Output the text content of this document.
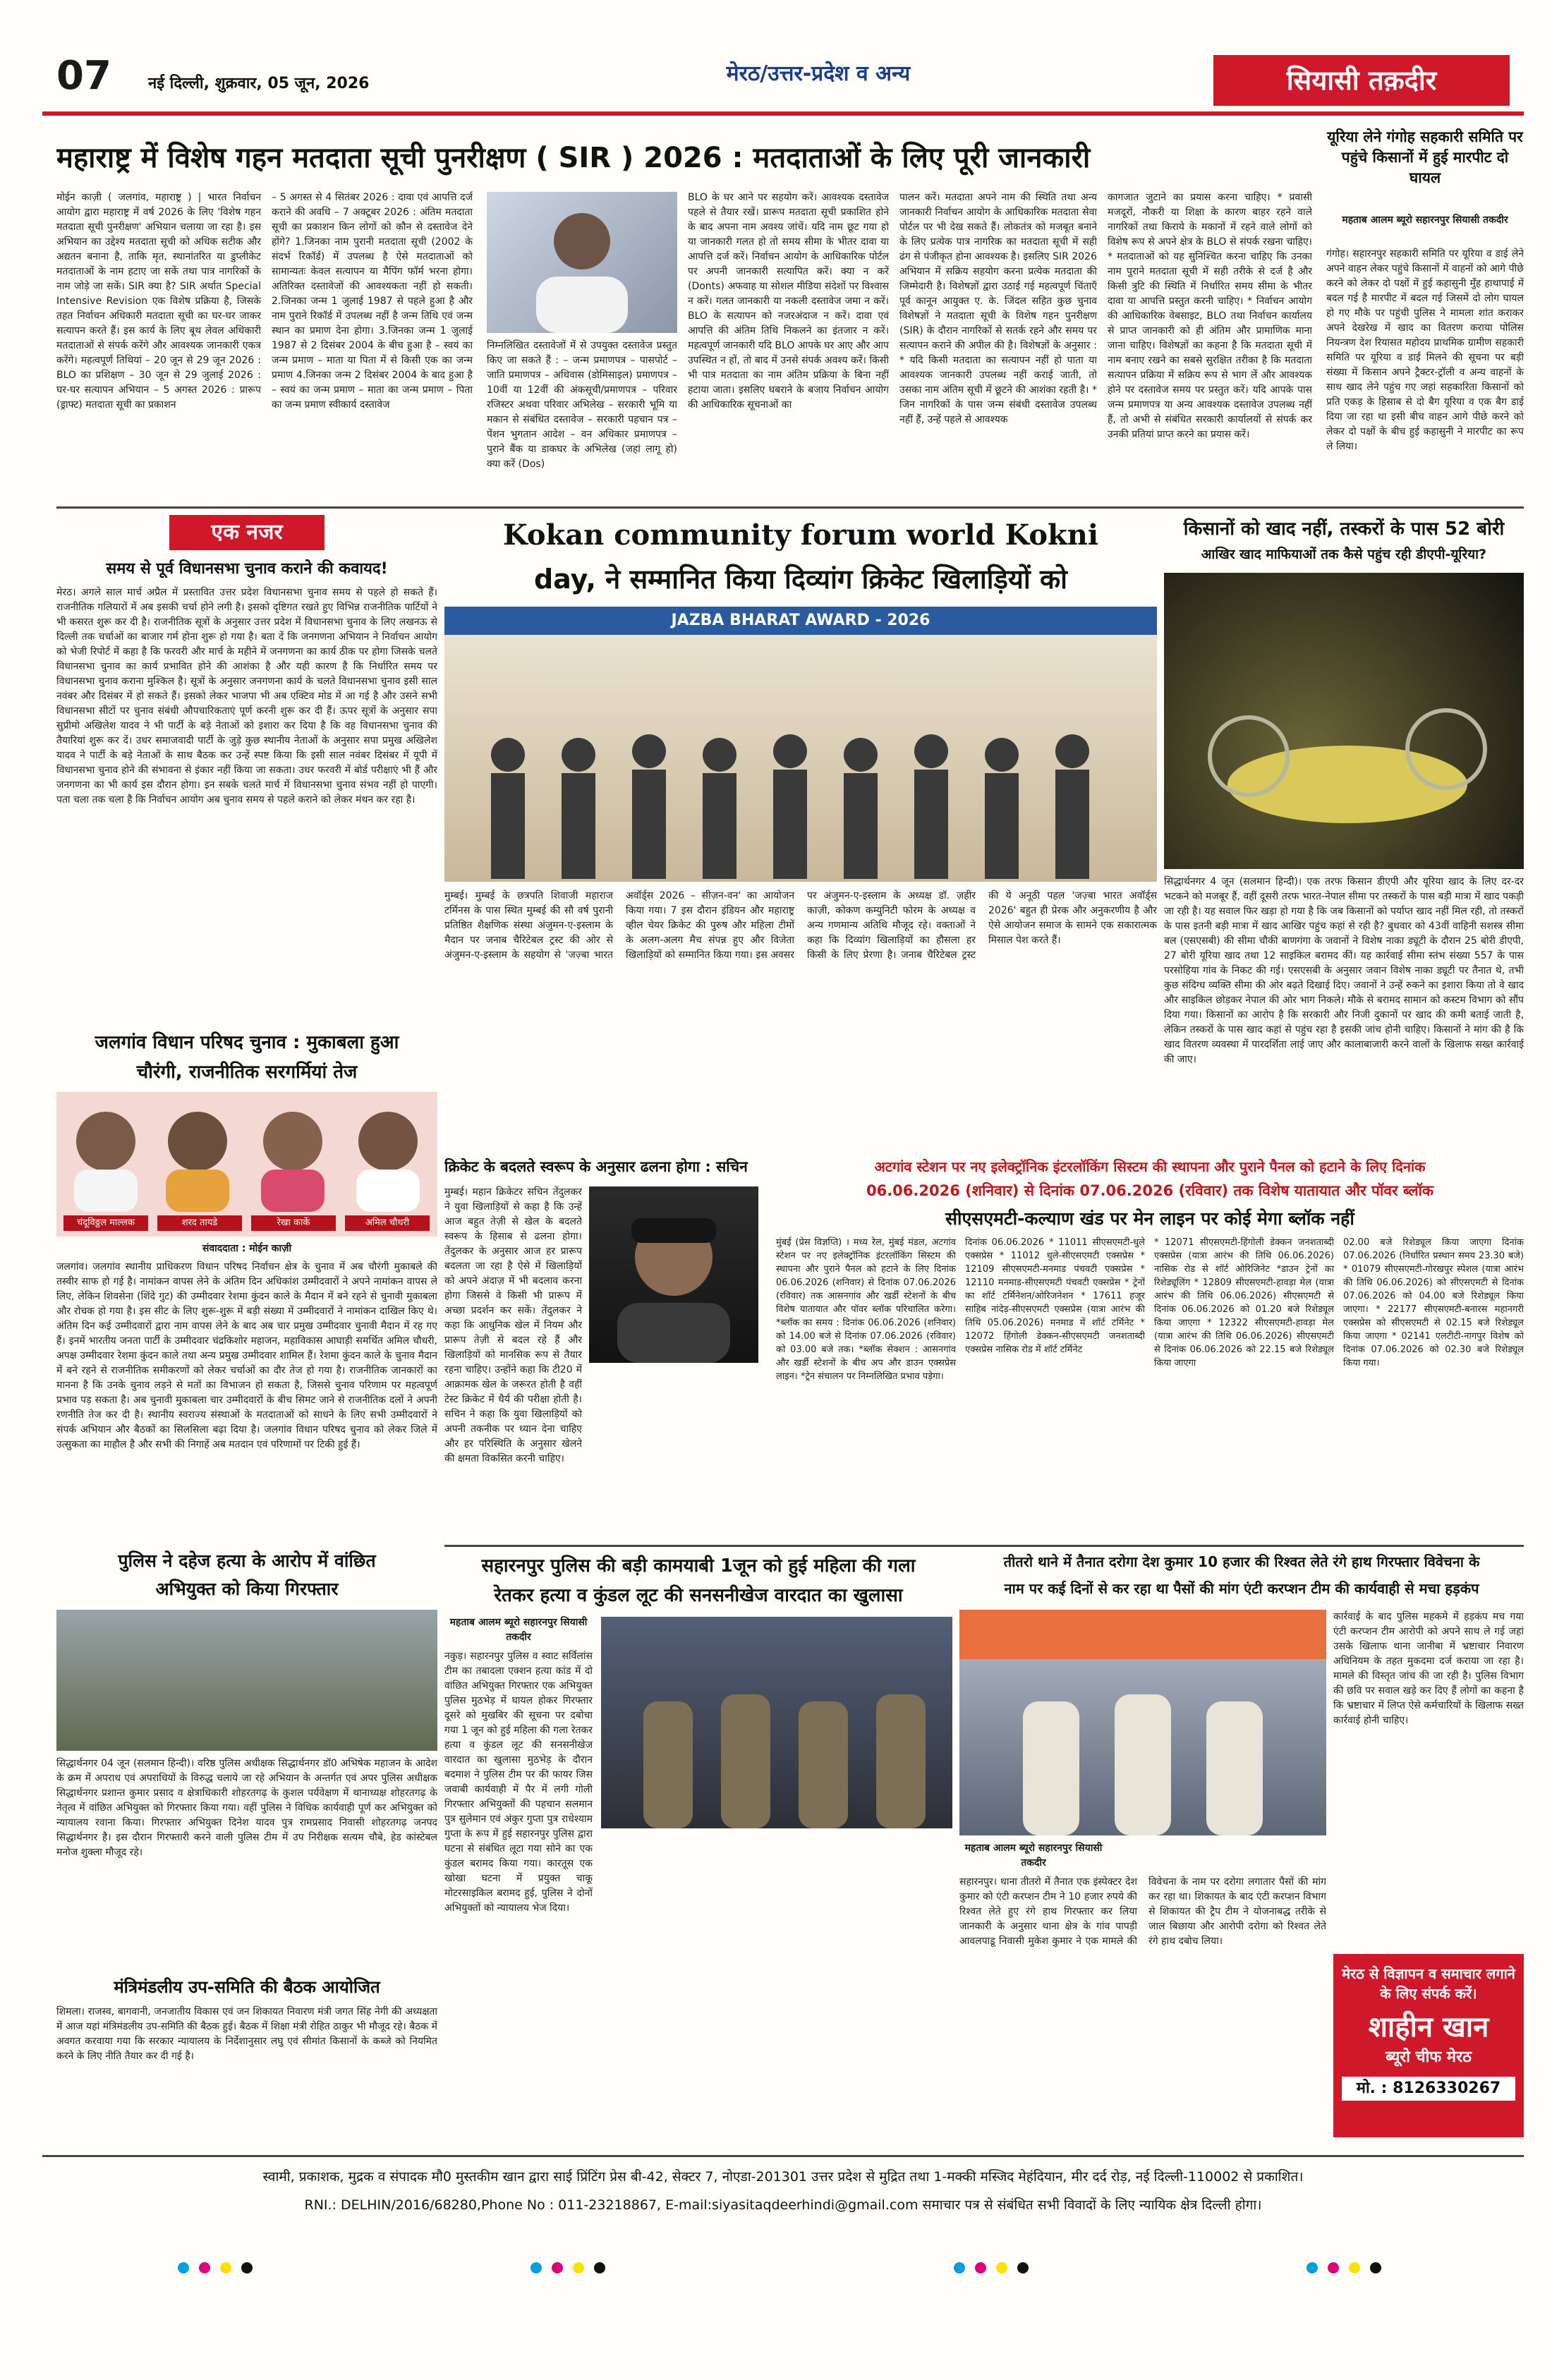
07	नई दिल्ली, शुक्रवार, 05 जून, 2026	मेरठ/उत्तर-प्रदेश व अन्य	सियासी तक़दीर
महाराष्ट्र में विशेष गहन मतदाता सूची पुनरीक्षण ( SIR ) 2026 : मतदाताओं के लिए पूरी जानकारी
मोईन काज़ी ( जलगांव, महाराष्ट्र ) | भारत निर्वाचन आयोग द्वारा महाराष्ट्र में वर्ष 2026 के लिए 'विशेष गहन मतदाता सूची पुनरीक्षण' अभियान चलाया जा रहा है। इस अभियान का उद्देश्य मतदाता सूची को अधिक सटीक और अद्यतन बनाना है, ताकि मृत, स्थानांतरित या डुप्लीकेट मतदाताओं के नाम हटाए जा सकें तथा पात्र नागरिकों के नाम जोड़े जा सकें। SIR क्या है? SIR अर्थात Special Intensive Revision एक विशेष प्रक्रिया है, जिसके तहत निर्वाचन अधिकारी मतदाता सूची का घर-घर जाकर सत्यापन करते हैं। इस कार्य के लिए बूथ लेवल अधिकारी मतदाताओं से संपर्क करेंगे और आवश्यक जानकारी एकत्र करेंगे। महत्वपूर्ण तिथियां – 20 जून से 29 जून 2026 : BLO का प्रशिक्षण – 30 जून से 29 जुलाई 2026 : घर-घर सत्यापन अभियान – 5 अगस्त 2026 : प्रारूप (ड्राफ्ट) मतदाता सूची का प्रकाशन
– 5 अगस्त से 4 सितंबर 2026 : दावा एवं आपत्ति दर्ज कराने की अवधि – 7 अक्टूबर 2026 : अंतिम मतदाता सूची का प्रकाशन किन लोगों को कौन से दस्तावेज देने होंगे? 1.जिनका नाम पुरानी मतदाता सूची (2002 के संदर्भ रिकॉर्ड) में उपलब्ध है ऐसे मतदाताओं को सामान्यतः केवल सत्यापन या मैपिंग फॉर्म भरना होगा। अतिरिक्त दस्तावेजों की आवश्यकता नहीं हो सकती। 2.जिनका जन्म 1 जुलाई 1987 से पहले हुआ है और नाम पुराने रिकॉर्ड में उपलब्ध नहीं है जन्म तिथि एवं जन्म स्थान का प्रमाण देना होगा। 3.जिनका जन्म 1 जुलाई 1987 से 2 दिसंबर 2004 के बीच हुआ है – स्वयं का जन्म प्रमाण – माता या पिता में से किसी एक का जन्म प्रमाण 4.जिनका जन्म 2 दिसंबर 2004 के बाद हुआ है – स्वयं का जन्म प्रमाण – माता का जन्म प्रमाण – पिता का जन्म प्रमाण स्वीकार्य दस्तावेज
निम्नलिखित दस्तावेजों में से उपयुक्त दस्तावेज प्रस्तुत किए जा सकते हैं : – जन्म प्रमाणपत्र – पासपोर्ट – जाति प्रमाणपत्र – अधिवास (डोमिसाइल) प्रमाणपत्र – 10वीं या 12वीं की अंकसूची/प्रमाणपत्र – परिवार रजिस्टर अथवा परिवार अभिलेख – सरकारी भूमि या मकान से संबंधित दस्तावेज – सरकारी पहचान पत्र – पेंशन भुगतान आदेश – वन अधिकार प्रमाणपत्र – पुराने बैंक या डाकघर के अभिलेख (जहां लागू हो) क्या करें (Dos)
BLO के घर आने पर सहयोग करें। आवश्यक दस्तावेज पहले से तैयार रखें। प्रारूप मतदाता सूची प्रकाशित होने के बाद अपना नाम अवश्य जांचें। यदि नाम छूट गया हो या जानकारी गलत हो तो समय सीमा के भीतर दावा या आपत्ति दर्ज करें। निर्वाचन आयोग के आधिकारिक पोर्टल पर अपनी जानकारी सत्यापित करें। क्या न करें (Donts) अफवाह या सोशल मीडिया संदेशों पर विश्वास न करें। गलत जानकारी या नकली दस्तावेज जमा न करें। BLO के सत्यापन को नजरअंदाज न करें। दावा एवं आपत्ति की अंतिम तिथि निकलने का इंतजार न करें। महत्वपूर्ण जानकारी यदि BLO आपके घर आए और आप उपस्थित न हों, तो बाद में उनसे संपर्क अवश्य करें। किसी भी पात्र मतदाता का नाम अंतिम प्रक्रिया के बिना नहीं हटाया जाता। इसलिए घबराने के बजाय निर्वाचन आयोग की आधिकारिक सूचनाओं का
पालन करें। मतदाता अपने नाम की स्थिति तथा अन्य जानकारी निर्वाचन आयोग के आधिकारिक मतदाता सेवा पोर्टल पर भी देख सकते हैं। लोकतंत्र को मजबूत बनाने के लिए प्रत्येक पात्र नागरिक का मतदाता सूची में सही ढंग से पंजीकृत होना आवश्यक है। इसलिए SIR 2026 अभियान में सक्रिय सहयोग करना प्रत्येक मतदाता की जिम्मेदारी है। विशेषज्ञों द्वारा उठाई गई महत्वपूर्ण चिंताएँ पूर्व कानून आयुक्त ए. के. जिंदल सहित कुछ चुनाव विशेषज्ञों ने मतदाता सूची के विशेष गहन पुनरीक्षण (SIR) के दौरान नागरिकों से सतर्क रहने और समय पर सत्यापन कराने की अपील की है। विशेषज्ञों के अनुसार : * यदि किसी मतदाता का सत्यापन नहीं हो पाता या आवश्यक जानकारी उपलब्ध नहीं कराई जाती, तो उसका नाम अंतिम सूची में छूटने की आशंका रहती है। * जिन नागरिकों के पास जन्म संबंधी दस्तावेज उपलब्ध नहीं हैं, उन्हें पहले से आवश्यक
कागजात जुटाने का प्रयास करना चाहिए। * प्रवासी मजदूरों, नौकरी या शिक्षा के कारण बाहर रहने वाले नागरिकों तथा किराये के मकानों में रहने वाले लोगों को विशेष रूप से अपने क्षेत्र के BLO से संपर्क रखना चाहिए। * मतदाताओं को यह सुनिश्चित करना चाहिए कि उनका नाम पुराने मतदाता सूची में सही तरीके से दर्ज है और किसी त्रुटि की स्थिति में निर्धारित समय सीमा के भीतर दावा या आपत्ति प्रस्तुत करनी चाहिए। * निर्वाचन आयोग की आधिकारिक वेबसाइट, BLO तथा निर्वाचन कार्यालय से प्राप्त जानकारी को ही अंतिम और प्रामाणिक माना जाना चाहिए। विशेषज्ञों का कहना है कि मतदाता सूची में नाम बनाए रखने का सबसे सुरक्षित तरीका है कि मतदाता सत्यापन प्रक्रिया में सक्रिय रूप से भाग लें और आवश्यक होने पर दस्तावेज समय पर प्रस्तुत करें। यदि आपके पास जन्म प्रमाणपत्र या अन्य आवश्यक दस्तावेज उपलब्ध नहीं हैं, तो अभी से संबंधित सरकारी कार्यालयों से संपर्क कर उनकी प्रतियां प्राप्त करने का प्रयास करें।
यूरिया लेने गंगोह सहकारी समिति पर पहुंचे किसानों में हुई मारपीट दो घायल
महताब आलम ब्यूरो सहारनपुर सियासी तकदीर
गंगोह। सहारनपुर सहकारी समिति पर यूरिया व डाई लेने अपने वाहन लेकर पहुंचे किसानों में वाहनों को आगे पीछे करने को लेकर दो पक्षों में हुई कहासुनी मुँह हाथापाई में बदल गई है मारपीट में बदल गई जिसमें दो लोग घायल हो गए मौके पर पहुंची पुलिस ने मामला शांत कराकर अपने देखरेख में खाद का वितरण कराया पोलिस नियन्त्रण देश रियासत महोदय प्राथमिक ग्रामीण सहकारी समिति पर यूरिया व डाई मिलने की सूचना पर बड़ी संख्या में किसान अपने ट्रैक्टर-ट्रॉली व अन्य वाहनों के साथ खाद लेने पहुंच गए जहां सहकारिता किसानों को प्रति एकड़ के हिसाब से दो बैग यूरिया व एक बैग डाई दिया जा रहा था इसी बीच वाहन आगे पीछे करने को लेकर दो पक्षों के बीच हुई कहासुनी ने मारपीट का रूप ले लिया।
एक नजर
समय से पूर्व विधानसभा चुनाव कराने की कवायद!
मेरठ। अगले साल मार्च अप्रैल में प्रस्तावित उत्तर प्रदेश विधानसभा चुनाव समय से पहले हो सकते हैं। राजनीतिक गलियारों में अब इसकी चर्चा होने लगी है। इसको दृष्टिगत रखते हुए विभिन्न राजनीतिक पार्टियों ने भी कसरत शुरू कर दी है। राजनीतिक सूत्रों के अनुसार उत्तर प्रदेश में विधानसभा चुनाव के लिए लखनऊ से दिल्ली तक चर्चाओं का बाजार गर्म होना शुरू हो गया है। बता दें कि जनगणना अभियान ने निर्वाचन आयोग को भेजी रिपोर्ट में कहा है कि फरवरी और मार्च के महीने में जनगणना का कार्य ठीक पर होगा जिसके चलते विधानसभा चुनाव का कार्य प्रभावित होने की आशंका है और यही कारण है कि निर्धारित समय पर विधानसभा चुनाव कराना मुश्किल है। सूत्रों के अनुसार जनगणना कार्य के चलते विधानसभा चुनाव इसी साल नवंबर और दिसंबर में हो सकते हैं। इसको लेकर भाजपा भी अब एक्टिव मोड में आ गई है और उसने सभी विधानसभा सीटों पर चुनाव संबंधी औपचारिकताएं पूर्ण करनी शुरू कर दी हैं। ऊपर सूत्रों के अनुसार सपा सुप्रीमो अखिलेश यादव ने भी पार्टी के बड़े नेताओं को इशारा कर दिया है कि वह विधानसभा चुनाव की तैयारियां शुरू कर दें। उधर समाजवादी पार्टी के जुड़े कुछ स्थानीय नेताओं के अनुसार सपा प्रमुख अखिलेश यादव ने पार्टी के बड़े नेताओं के साथ बैठक कर उन्हें स्पष्ट किया कि इसी साल नवंबर दिसंबर में यूपी में विधानसभा चुनाव होने की संभावना से इंकार नहीं किया जा सकता। उधर फरवरी में बोर्ड परीक्षाएं भी हैं और जनगणना का भी कार्य इस दौरान होगा। इन सबके चलते मार्च में विधानसभा चुनाव संभव नहीं हो पाएगी। पता चला तक चला है कि निर्वाचन आयोग अब चुनाव समय से पहले कराने को लेकर मंथन कर रहा है।
जलगांव विधान परिषद चुनाव : मुकाबला हुआ
चौरंगी, राजनीतिक सरगर्मियां तेज
चंदूविठ्ठल माल्लक	शरद तायडे	रेखा कार्के	अमिल चौधरी
संवाददाता : मोईन काज़ी
जलगांव। जलगांव स्थानीय प्राधिकरण विधान परिषद निर्वाचन क्षेत्र के चुनाव में अब चौरंगी मुकाबले की तस्वीर साफ हो गई है। नामांकन वापस लेने के अंतिम दिन अधिकांश उम्मीदवारों ने अपने नामांकन वापस ले लिए, लेकिन शिवसेना (शिंदे गुट) की उम्मीदवार रेशमा कुंदन काले के मैदान में बने रहने से चुनावी मुकाबला और रोचक हो गया है। इस सीट के लिए शुरू-शुरू में बड़ी संख्या में उम्मीदवारों ने नामांकन दाखिल किए थे। अंतिम दिन कई उम्मीदवारों द्वारा नाम वापस लेने के बाद अब चार प्रमुख उम्मीदवार चुनावी मैदान में रह गए हैं। इनमें भारतीय जनता पार्टी के उम्मीदवार चंद्रकिशोर महाजन, महाविकास आघाड़ी समर्थित अमिल चौधरी, अपक्ष उम्मीदवार रेशमा कुंदन काले तथा अन्य प्रमुख उम्मीदवार शामिल हैं। रेशमा कुंदन काले के चुनाव मैदान में बने रहने से राजनीतिक समीकरणों को लेकर चर्चाओं का दौर तेज हो गया है। राजनीतिक जानकारों का मानना है कि उनके चुनाव लड़ने से मतों का विभाजन हो सकता है, जिससे चुनाव परिणाम पर महत्वपूर्ण प्रभाव पड़ सकता है। अब चुनावी मुकाबला चार उम्मीदवारों के बीच सिमट जाने से राजनीतिक दलों ने अपनी रणनीति तेज कर दी है। स्थानीय स्वराज्य संस्थाओं के मतदाताओं को साधने के लिए सभी उम्मीदवारों ने संपर्क अभियान और बैठकों का सिलसिला बढ़ा दिया है। जलगांव विधान परिषद चुनाव को लेकर जिले में उत्सुकता का माहौल है और सभी की निगाहें अब मतदान एवं परिणामों पर टिकी हुई हैं।
पुलिस ने दहेज हत्या के आरोप में वांछित
अभियुक्त को किया गिरफ्तार
सिद्धार्थनगर 04 जून (सलमान हिन्दी)। वरिष्ठ पुलिस अधीक्षक सिद्धार्थनगर डॉ0 अभिषेक महाजन के आदेश के क्रम में अपराध एवं अपराधियों के विरुद्ध चलाये जा रहे अभियान के अन्तर्गत एवं अपर पुलिस अधीक्षक सिद्धार्थनगर प्रशान्त कुमार प्रसाद व क्षेत्राधिकारी शोहरतगढ़ के कुशल पर्यवेक्षण में थानाध्यक्ष शोहरतगढ़ के नेतृत्व में वांछित अभियुक्त को गिरफ्तार किया गया। वहीं पुलिस ने विधिक कार्यवाही पूर्ण कर अभियुक्त को न्यायालय रवाना किया। गिरफ्तार अभियुक्त दिनेश यादव पुत्र रामप्रसाद निवासी शोहरतगढ़ जनपद सिद्धार्थनगर है। इस दौरान गिरफ्तारी करने वाली पुलिस टीम में उप निरीक्षक सत्यम चौबे, हेड कांस्टेबल मनोज शुक्ला मौजूद रहे।
मंत्रिमंडलीय उप-समिति की बैठक आयोजित
शिमला। राजस्व, बागवानी, जनजातीय विकास एवं जन शिकायत निवारण मंत्री जगत सिंह नेगी की अध्यक्षता में आज यहां मंत्रिमंडलीय उप-समिति की बैठक हुई। बैठक में शिक्षा मंत्री रोहित ठाकुर भी मौजूद रहे। बैठक में अवगत करवाया गया कि सरकार न्यायालय के निर्देशानुसार लघु एवं सीमांत किसानों के कब्जे को नियमित करने के लिए नीति तैयार कर दी गई है।
Kokan community forum world Kokni
day, ने सम्मानित किया दिव्यांग क्रिकेट खिलाड़ियों को
JAZBA BHARAT AWARD - 2026
मुम्बई। मुम्बई के छत्रपति शिवाजी महाराज टर्मिनस के पास स्थित मुम्बई की सौ वर्ष पुरानी प्रतिष्ठित शैक्षणिक संस्था अंजुमन-ए-इस्लाम के मैदान पर जनाब चैरिटेबल ट्रस्ट की ओर से अंजुमन-ए-इस्लाम के सहयोग से 'जज़्बा भारत अवॉर्ड्स 2026 – सीज़न-वन' का आयोजन किया गया। 7 इस दौरान इंडियन और महाराष्ट्र व्हील चेयर क्रिकेट की पुरुष और महिला टीमों के अलग-अलग मैच संपन्न हुए और विजेता खिलाड़ियों को सम्मानित किया गया। इस अवसर पर अंजुमन-ए-इस्लाम के अध्यक्ष डॉ. ज़हीर काज़ी, कोकण कम्युनिटी फोरम के अध्यक्ष व अन्य गणमान्य अतिथि मौजूद रहे। वक्ताओं ने कहा कि दिव्यांग खिलाड़ियों का हौसला हर किसी के लिए प्रेरणा है। जनाब चैरिटेबल ट्रस्ट की ये अनूठी पहल 'जज़्बा भारत अवॉर्ड्स 2026' बहुत ही प्रेरक और अनुकरणीय है और ऐसे आयोजन समाज के सामने एक सकारात्मक मिसाल पेश करते हैं।
किसानों को खाद नहीं, तस्करों के पास 52 बोरी
आखिर खाद माफियाओं तक कैसे पहुंच रही डीएपी-यूरिया?
सिद्धार्थनगर 4 जून (सलमान हिन्दी)। एक तरफ किसान डीएपी और यूरिया खाद के लिए दर-दर भटकने को मजबूर हैं, वहीं दूसरी तरफ भारत-नेपाल सीमा पर तस्करों के पास बड़ी मात्रा में खाद पकड़ी जा रही है। यह सवाल फिर खड़ा हो गया है कि जब किसानों को पर्याप्त खाद नहीं मिल रही, तो तस्करों के पास इतनी बड़ी मात्रा में खाद आखिर पहुंच कहां से रही है? बुधवार को 43वीं वाहिनी सशस्त्र सीमा बल (एसएसबी) की सीमा चौकी बाणगंगा के जवानों ने विशेष नाका ड्यूटी के दौरान 25 बोरी डीएपी, 27 बोरी यूरिया खाद तथा 12 साइकिल बरामद कीं। यह कार्रवाई सीमा स्तंभ संख्या 557 के पास परसोहिया गांव के निकट की गई। एसएसबी के अनुसार जवान विशेष नाका ड्यूटी पर तैनात थे, तभी कुछ संदिग्ध व्यक्ति सीमा की ओर बढ़ते दिखाई दिए। जवानों ने उन्हें रुकने का इशारा किया तो वे खाद और साइकिल छोड़कर नेपाल की ओर भाग निकले। मौके से बरामद सामान को कस्टम विभाग को सौंप दिया गया। किसानों का आरोप है कि सरकारी और निजी दुकानों पर खाद की कमी बताई जाती है, लेकिन तस्करों के पास खाद कहां से पहुंच रहा है इसकी जांच होनी चाहिए। किसानों ने मांग की है कि खाद वितरण व्यवस्था में पारदर्शिता लाई जाए और कालाबाजारी करने वालों के खिलाफ सख्त कार्रवाई की जाए।
क्रिकेट के बदलते स्वरूप के अनुसार ढलना होगा : सचिन
मुम्बई। महान क्रिकेटर सचिन तेंदुलकर ने युवा खिलाड़ियों से कहा है कि उन्हें आज बहुत तेज़ी से खेल के बदलते स्वरूप के हिसाब से ढलना होगा। तेंदुलकर के अनुसार आज हर प्रारूप बदलता जा रहा है ऐसे में खिलाड़ियों को अपने अंदाज़ में भी बदलाव करना होगा जिससे वे किसी भी प्रारूप में अच्छा प्रदर्शन कर सकें। तेंदुलकर ने कहा कि आधुनिक खेल में नियम और प्रारूप तेज़ी से बदल रहे हैं और खिलाड़ियों को मानसिक रूप से तैयार रहना चाहिए। उन्होंने कहा कि टी20 में आक्रामक खेल के जरूरत होती है वहीं टेस्ट क्रिकेट में धैर्य की परीक्षा होती है। सचिन ने कहा कि युवा खिलाड़ियों को अपनी तकनीक पर ध्यान देना चाहिए और हर परिस्थिति के अनुसार खेलने की क्षमता विकसित करनी चाहिए।
अटगांव स्टेशन पर नए इलेक्ट्रॉनिक इंटरलॉकिंग सिस्टम की स्थापना और पुराने पैनल को हटाने के लिए दिनांक
06.06.2026 (शनिवार) से दिनांक 07.06.2026 (रविवार) तक विशेष यातायात और पॉवर ब्लॉक
सीएसएमटी-कल्याण खंड पर मेन लाइन पर कोई मेगा ब्लॉक नहीं
मुंबई (प्रेस विज्ञप्ति) । मध्य रेल, मुंबई मंडल, अटगांव स्टेशन पर नए इलेक्ट्रॉनिक इंटरलॉकिंग सिस्टम की स्थापना और पुराने पैनल को हटाने के लिए दिनांक 06.06.2026 (शनिवार) से दिनांक 07.06.2026 (रविवार) तक आसनगांव और खर्डी स्टेशनों के बीच विशेष यातायात और पॉवर ब्लॉक परिचालित करेगा। *ब्लॉक का समय : दिनांक 06.06.2026 (शनिवार) को 14.00 बजे से दिनांक 07.06.2026 (रविवार) को 03.00 बजे तक। *ब्लॉक सेक्शन : आसनगांव और खर्डी स्टेशनों के बीच अप और डाउन एक्सप्रेस लाइन। *ट्रेन संचालन पर निम्नलिखित प्रभाव पड़ेगा।
दिनांक 06.06.2026 * 11011 सीएसएमटी-धुले एक्सप्रेस * 11012 धुले-सीएसएमटी एक्सप्रेस * 12109 सीएसएमटी-मनमाड पंचवटी एक्सप्रेस * 12110 मनमाड-सीएसएमटी पंचवटी एक्सप्रेस * ट्रेनों का शॉर्ट टर्मिनेशन/ओरिजनेशन * 17611 हजूर साहिब नांदेड़-सीएसएमटी एक्सप्रेस (यात्रा आरंभ की तिथि 05.06.2026) मनमाड में शॉर्ट टर्मिनेट * 12072 हिंगोली डेक्कन-सीएसएमटी जनशताब्दी एक्सप्रेस नासिक रोड में शॉर्ट टर्मिनेट
* 12071 सीएसएमटी-हिंगोली डेक्कन जनशताब्दी एक्सप्रेस (यात्रा आरंभ की तिथि 06.06.2026) नासिक रोड से शॉर्ट ओरिजिनेट *डाउन ट्रेनों का रिशेड्यूलिंग * 12809 सीएसएमटी-हावड़ा मेल (यात्रा आरंभ की तिथि 06.06.2026) सीएसएमटी से दिनांक 06.06.2026 को 01.20 बजे रिशेड्यूल किया जाएगा * 12322 सीएसएमटी-हावड़ा मेल (यात्रा आरंभ की तिथि 06.06.2026) सीएसएमटी से दिनांक 06.06.2026 को 22.15 बजे रिशेड्यूल किया जाएगा
02.00 बजे रिशेड्यूल किया जाएगा दिनांक 07.06.2026 (निर्धारित प्रस्थान समय 23.30 बजे) * 01079 सीएसएमटी-गोरखपुर स्पेशल (यात्रा आरंभ की तिथि 06.06.2026) को सीएसएमटी से दिनांक 07.06.2026 को 04.00 बजे रिशेड्यूल किया जाएगा। * 22177 सीएसएमटी-बनारस महानगरी एक्सप्रेस को सीएसएमटी से 02.15 बजे रिशेड्यूल किया जाएगा * 02141 एलटीटी-नागपुर विशेष को दिनांक 07.06.2026 को 02.30 बजे रिशेड्यूल किया गया।
सहारनपुर पुलिस की बड़ी कामयाबी 1जून को हुई महिला की गला
रेतकर हत्या व कुंडल लूट की सनसनीखेज वारदात का खुलासा
महताब आलम ब्यूरो सहारनपुर सियासी तकदीर
नकुड़। सहारनपुर पुलिस व स्वाट सर्विलांस टीम का तबादला एक्शन हत्या कांड में दो वांछित अभियुक्त गिरफ्तार एक अभियुक्त पुलिस मुठभेड़ में घायल होकर गिरफ्तार दूसरे को मुखबिर की सूचना पर दबोचा गया 1 जून को हुई महिला की गला रेतकर हत्या व कुंडल लूट की सनसनीखेज वारदात का खुलासा मुठभेड़ के दौरान बदमाश ने पुलिस टीम पर की फायर जिस जवाबी कार्यवाही में पैर में लगी गोली गिरफ्तार अभियुक्तों की पहचान सलमान पुत्र सुलेमान एवं अंकुर गुप्ता पुत्र राधेश्याम गुप्ता के रूप में हुई सहारनपुर पुलिस द्वारा घटना से संबंधित लूटा गया सोने का एक कुंडल बरामद किया गया। कारतूस एक खोखा घटना में प्रयुक्त चाकू मोटरसाइकिल बरामद हुई, पुलिस ने दोनों अभियुक्तों को न्यायालय भेज दिया।
तीतरो थाने में तैनात दरोगा देश कुमार 10 हजार की रिश्वत लेते रंगे हाथ गिरफ्तार विवेचना के
नाम पर कई दिनों से कर रहा था पैसों की मांग एंटी करप्शन टीम की कार्यवाही से मचा हड़कंप
कार्रवाई के बाद पुलिस महकमे में हड़कंप मच गया एंटी करप्शन टीम आरोपी को अपने साथ ले गई जहां उसके खिलाफ थाना जानीबा में भ्रष्टाचार निवारण अधिनियम के तहत मुकदमा दर्ज कराया जा रहा है। मामले की विस्तृत जांच की जा रही है। पुलिस विभाग की छवि पर सवाल खड़े कर दिए हैं लोगों का कहना है कि भ्रष्टाचार में लिप्त ऐसे कर्मचारियों के खिलाफ सख्त कार्रवाई होनी चाहिए।
महताब आलम ब्यूरो सहारनपुर सियासी तकदीर
सहारनपुर। थाना तीतरो में तैनात एक इंस्पेक्टर देश कुमार को एंटी करप्शन टीम ने 10 हजार रुपये की रिश्वत लेते हुए रंगे हाथ गिरफ्तार कर लिया जानकारी के अनुसार थाना क्षेत्र के गांव पापड़ी आवलपाडू निवासी मुकेश कुमार ने एक मामले की विवेचना के नाम पर दरोगा लगातार पैसों की मांग कर रहा था। शिकायत के बाद एंटी करप्शन विभाग से शिकायत की ट्रैप टीम ने योजनाबद्ध तरीके से जाल बिछाया और आरोपी दरोगा को रिश्वत लेते रंगे हाथ दबोच लिया।
मेरठ से विज्ञापन व समाचार लगाने के लिए संपर्क करें।
शाहीन खान
ब्यूरो चीफ मेरठ
मो. : 8126330267
स्वामी, प्रकाशक, मुद्रक व संपादक मौ0 मुस्तकीम खान द्वारा साई प्रिंटिंग प्रेस बी-42, सेक्टर 7, नोएडा-201301 उत्तर प्रदेश से मुद्रित तथा 1-मक्की मस्जिद मेहंदियान, मीर दर्द रोड़, नई दिल्ली-110002 से प्रकाशित।
RNI.: DELHIN/2016/68280,Phone No : 011-23218867, E-mail:siyasitaqdeerhindi@gmail.com समाचार पत्र से संबंधित सभी विवादों के लिए न्यायिक क्षेत्र दिल्ली होगा।
